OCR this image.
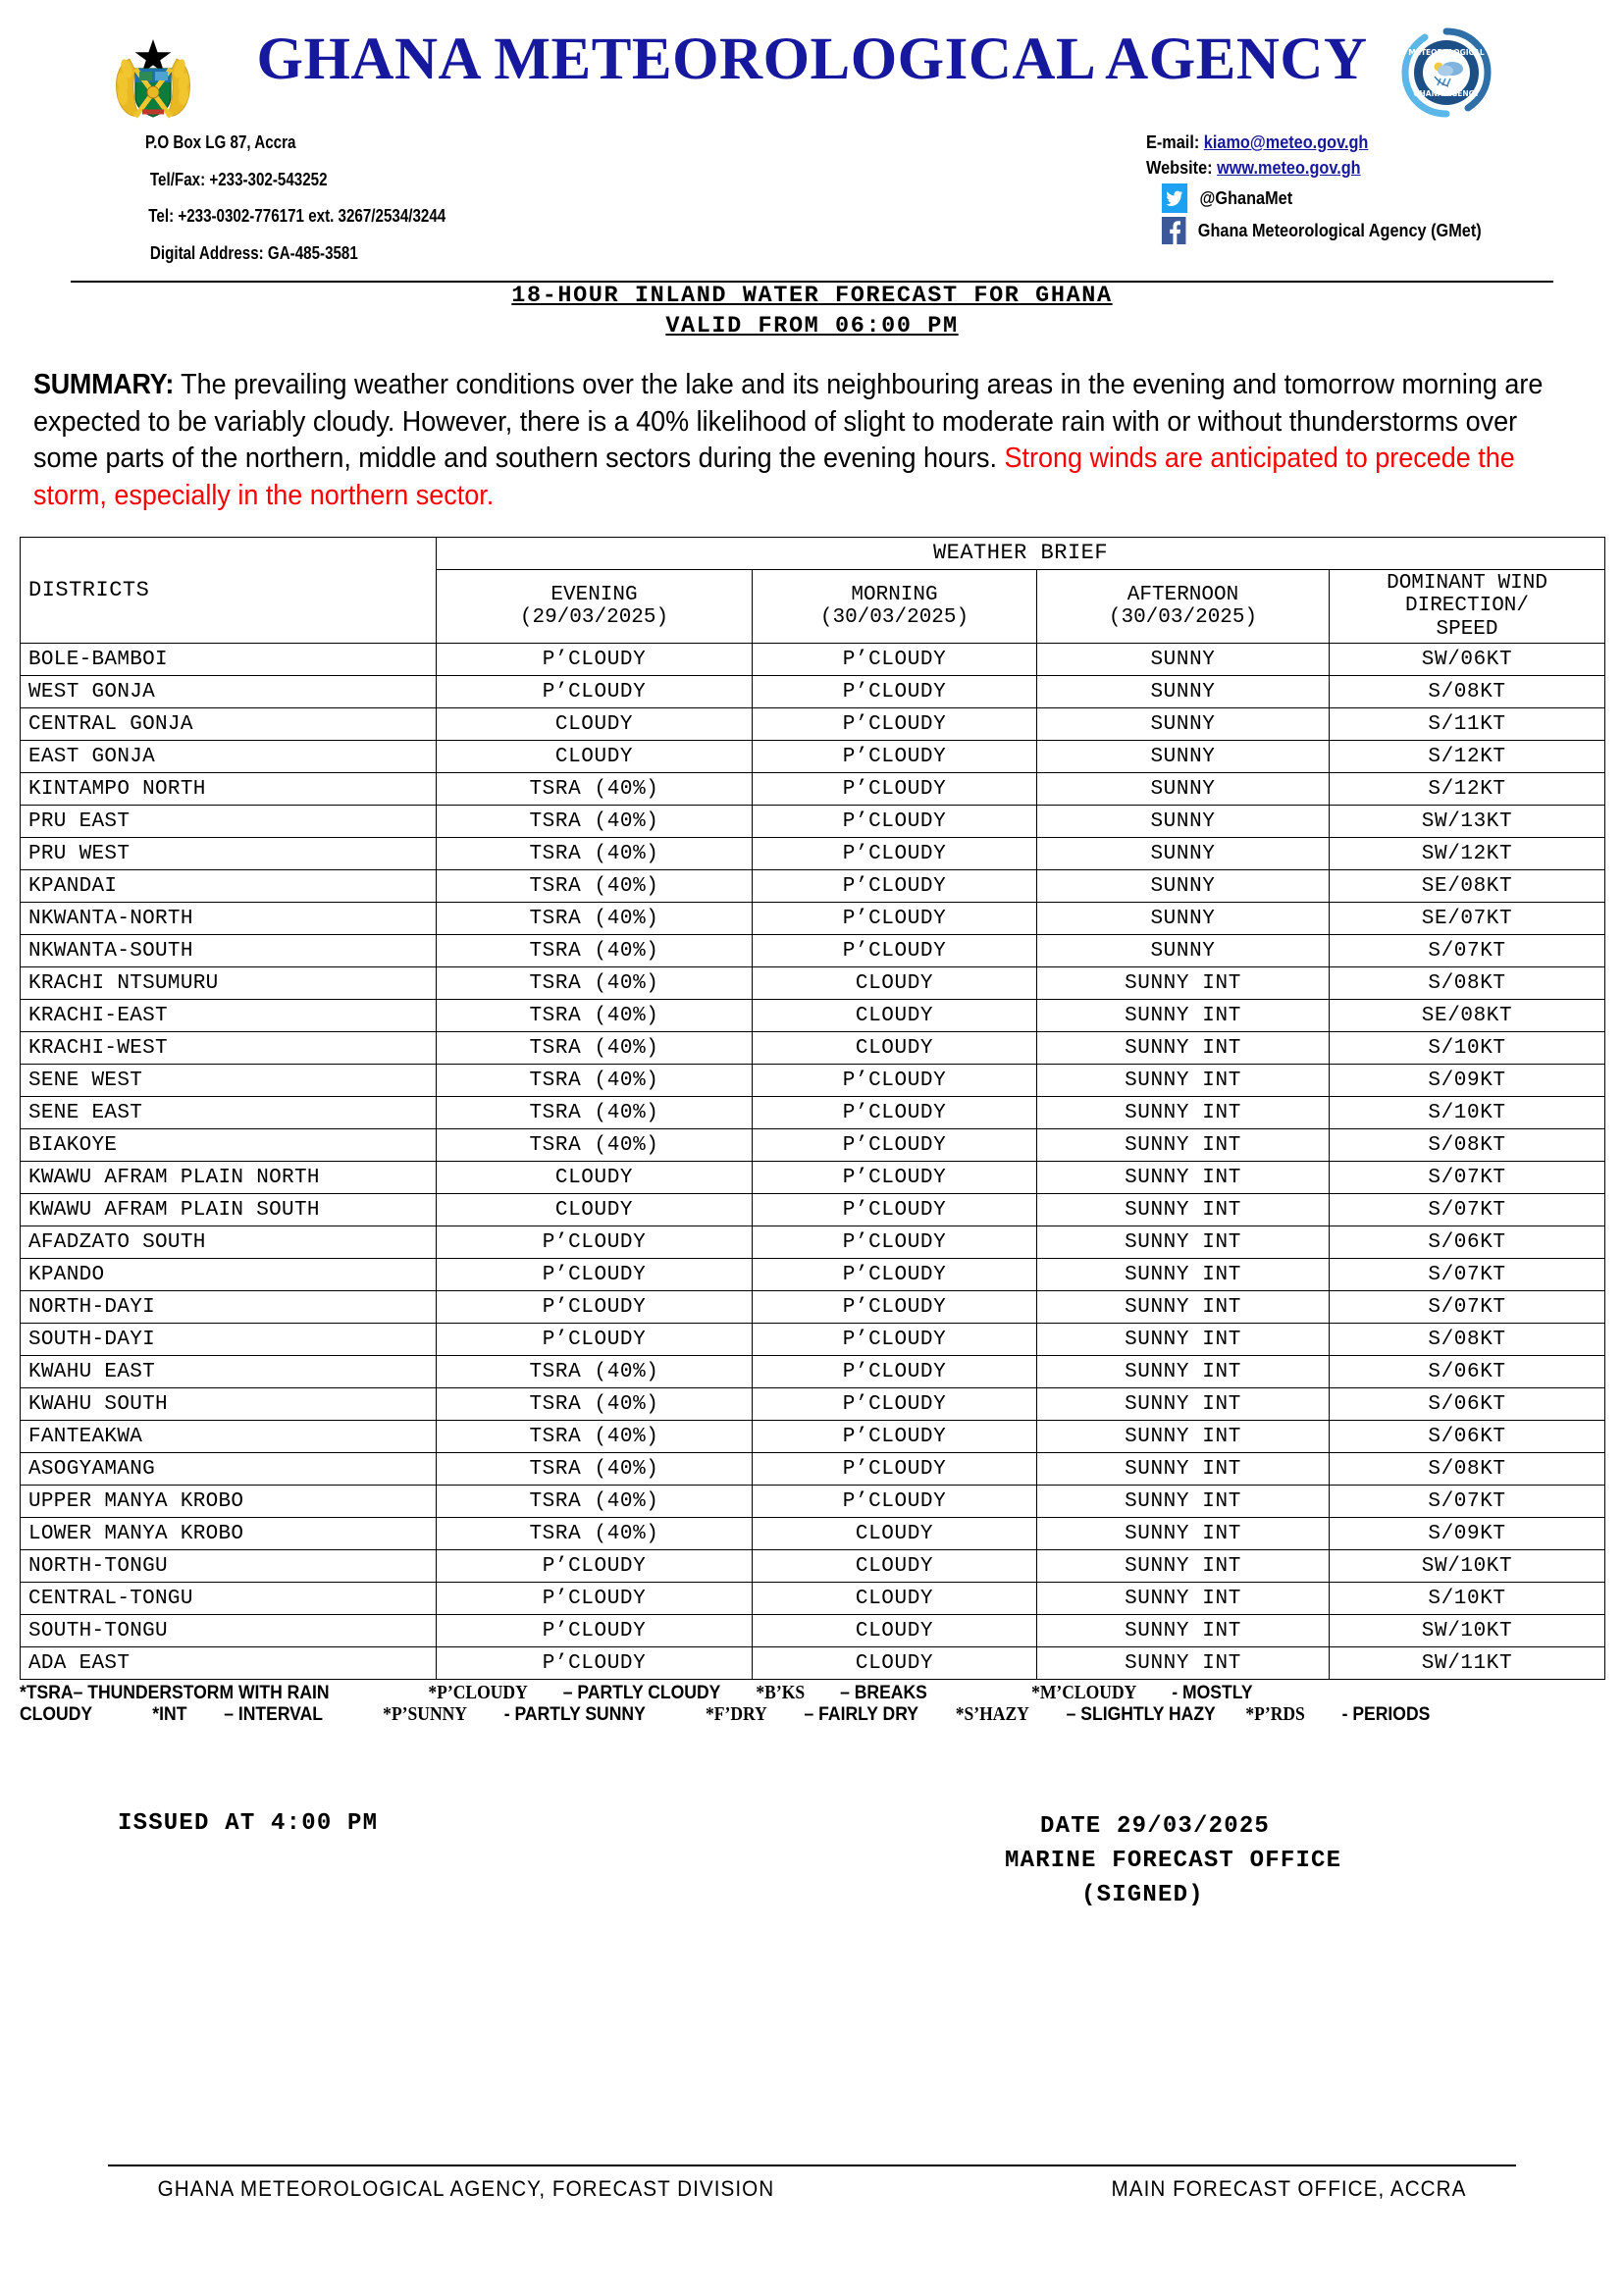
GHANA METEOROLOGICAL AGENCY	METEOROLOGICAL
GHANA AGENCY
P.O Box LG 87, Accra
Tel/Fax: +233-302-543252
Tel: +233-0302-776171 ext. 3267/2534/3244
Digital Address: GA-485-3581
E-mail: kiamo@meteo.gov.gh
Website: www.meteo.gov.gh
@GhanaMet
Ghana Meteorological Agency (GMet)
18-HOUR INLAND WATER FORECAST FOR GHANA
VALID FROM 06:00 PM
SUMMARY: The prevailing weather conditions over the lake and its neighbouring areas in the evening and tomorrow morning are expected to be variably cloudy. However, there is a 40% likelihood of slight to moderate rain with or without thunderstorms over some parts of the northern, middle and southern sectors during the evening hours. Strong winds are anticipated to precede the storm, especially in the northern sector.
DISTRICTS	WEATHER BRIEF			

EVENING
(29/03/2025)

MORNING
(30/03/2025)

AFTERNOON
(30/03/2025)

DOMINANT WIND
DIRECTION/
SPEED

BOLE-BAMBOI	P’CLOUDY	P’CLOUDY	SUNNY	SW/06KT
WEST GONJA	P’CLOUDY	P’CLOUDY	SUNNY	S/08KT
CENTRAL GONJA	CLOUDY	P’CLOUDY	SUNNY	S/11KT
EAST GONJA	CLOUDY	P’CLOUDY	SUNNY	S/12KT
KINTAMPO NORTH	TSRA (40%)	P’CLOUDY	SUNNY	S/12KT
PRU EAST	TSRA (40%)	P’CLOUDY	SUNNY	SW/13KT
PRU WEST	TSRA (40%)	P’CLOUDY	SUNNY	SW/12KT
KPANDAI	TSRA (40%)	P’CLOUDY	SUNNY	SE/08KT
NKWANTA-NORTH	TSRA (40%)	P’CLOUDY	SUNNY	SE/07KT
NKWANTA-SOUTH	TSRA (40%)	P’CLOUDY	SUNNY	S/07KT
KRACHI NTSUMURU	TSRA (40%)	CLOUDY	SUNNY INT	S/08KT
KRACHI-EAST	TSRA (40%)	CLOUDY	SUNNY INT	SE/08KT
KRACHI-WEST	TSRA (40%)	CLOUDY	SUNNY INT	S/10KT
SENE WEST	TSRA (40%)	P’CLOUDY	SUNNY INT	S/09KT
SENE EAST	TSRA (40%)	P’CLOUDY	SUNNY INT	S/10KT
BIAKOYE	TSRA (40%)	P’CLOUDY	SUNNY INT	S/08KT
KWAWU AFRAM PLAIN NORTH	CLOUDY	P’CLOUDY	SUNNY INT	S/07KT
KWAWU AFRAM PLAIN SOUTH	CLOUDY	P’CLOUDY	SUNNY INT	S/07KT
AFADZATO SOUTH	P’CLOUDY	P’CLOUDY	SUNNY INT	S/06KT
KPANDO	P’CLOUDY	P’CLOUDY	SUNNY INT	S/07KT
NORTH-DAYI	P’CLOUDY	P’CLOUDY	SUNNY INT	S/07KT
SOUTH-DAYI	P’CLOUDY	P’CLOUDY	SUNNY INT	S/08KT
KWAHU EAST	TSRA (40%)	P’CLOUDY	SUNNY INT	S/06KT
KWAHU SOUTH	TSRA (40%)	P’CLOUDY	SUNNY INT	S/06KT
FANTEAKWA	TSRA (40%)	P’CLOUDY	SUNNY INT	S/06KT
ASOGYAMANG	TSRA (40%)	P’CLOUDY	SUNNY INT	S/08KT
UPPER MANYA KROBO	TSRA (40%)	P’CLOUDY	SUNNY INT	S/07KT
LOWER MANYA KROBO	TSRA (40%)	CLOUDY	SUNNY INT	S/09KT
NORTH-TONGU	P’CLOUDY	CLOUDY	SUNNY INT	SW/10KT
CENTRAL-TONGU	P’CLOUDY	CLOUDY	SUNNY INT	S/10KT
SOUTH-TONGU	P’CLOUDY	CLOUDY	SUNNY INT	SW/10KT
ADA EAST	P’CLOUDY	CLOUDY	SUNNY INT	SW/11KT
*TSRA– THUNDERSTORM WITH RAIN	*P’CLOUDY – PARTLY CLOUDY *B’KS – BREAKS	*M’CLOUDY - MOSTLY
CLOUDY	*INT – INTERVAL	*P’SUNNY - PARTLY SUNNY	*F’DRY – FAIRLY DRY *S’HAZY – SLIGHTLY HAZY *P’RDS - PERIODS
ISSUED AT 4:00 PM	DATE 29/03/2025
MARINE FORECAST OFFICE
(SIGNED)
GHANA METEOROLOGICAL AGENCY, FORECAST DIVISION	MAIN FORECAST OFFICE, ACCRA
